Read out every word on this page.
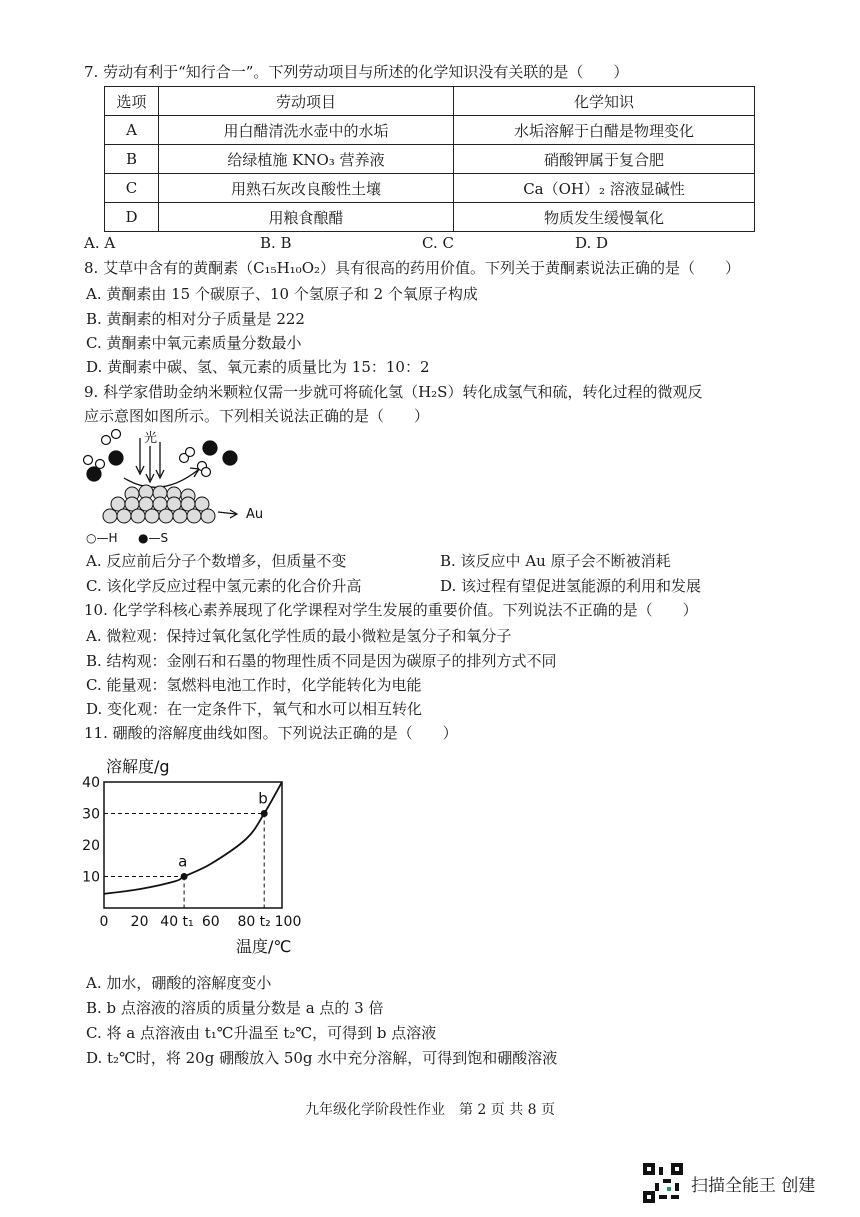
7. 劳动有利于“知行合一”。下列劳动项目与所述的化学知识没有关联的是（　　）
选项	劳动项目	化学知识
A	用白醋清洗水壶中的水垢	水垢溶解于白醋是物理变化
B	给绿植施 KNO₃ 营养液	硝酸钾属于复合肥
C	用熟石灰改良酸性土壤	Ca（OH）₂ 溶液显碱性
D	用粮食酿醋	物质发生缓慢氧化
A. A	B. B	C. C	D. D
8. 艾草中含有的黄酮素（C₁₅H₁₀O₂）具有很高的药用价值。下列关于黄酮素说法正确的是（　　）
A. 黄酮素由 15 个碳原子、10 个氢原子和 2 个氧原子构成
B. 黄酮素的相对分子质量是 222
C. 黄酮素中氧元素质量分数最小
D. 黄酮素中碳、氢、氧元素的质量比为 15：10：2
9. 科学家借助金纳米颗粒仅需一步就可将硫化氢（H₂S）转化成氢气和硫，转化过程的微观反
应示意图如图所示。下列相关说法正确的是（　　）
光
Au
○—H ●—S
A. 反应前后分子个数增多，但质量不变	B. 该反应中 Au 原子会不断被消耗
C. 该化学反应过程中氢元素的化合价升高	D. 该过程有望促进氢能源的利用和发展
10. 化学学科核心素养展现了化学课程对学生发展的重要价值。下列说法不正确的是（　　）
A. 微粒观：保持过氧化氢化学性质的最小微粒是氢分子和氧分子
B. 结构观：金刚石和石墨的物理性质不同是因为碳原子的排列方式不同
C. 能量观：氢燃料电池工作时，化学能转化为电能
D. 变化观：在一定条件下，氧气和水可以相互转化
11. 硼酸的溶解度曲线如图。下列说法正确的是（　　）
溶解度/g
温度/℃
0 20 40 t₁ 60 80 t₂ 100
10
20
30
40
a
b
A. 加水，硼酸的溶解度变小
B. b 点溶液的溶质的质量分数是 a 点的 3 倍
C. 将 a 点溶液由 t₁℃升温至 t₂℃，可得到 b 点溶液
D. t₂℃时，将 20g 硼酸放入 50g 水中充分溶解，可得到饱和硼酸溶液
九年级化学阶段性作业　第 2 页 共 8 页
扫描全能王 创建
